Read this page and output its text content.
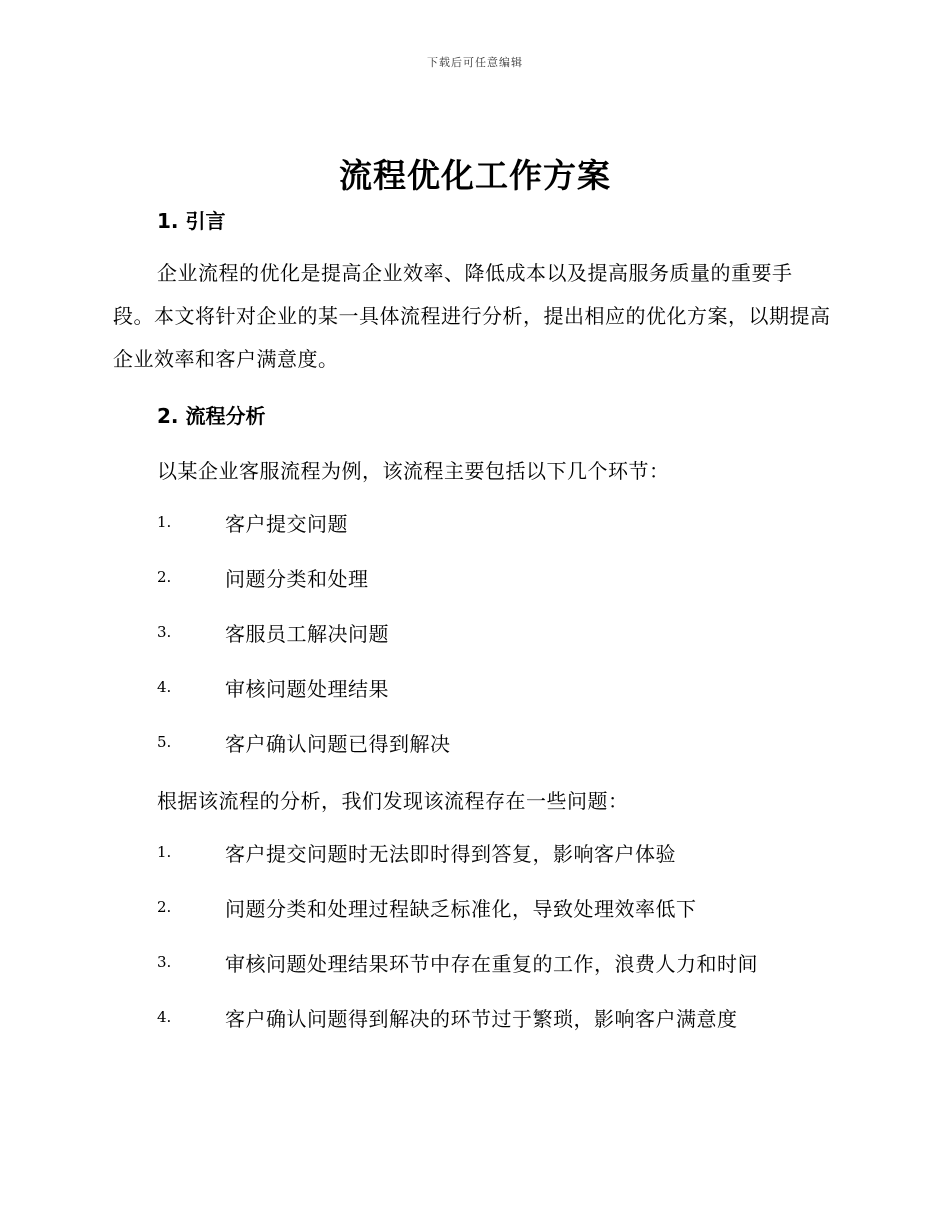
下载后可任意编辑
流程优化工作方案
1. 引言
企业流程的优化是提高企业效率、降低成本以及提高服务质量的重要手段。本文将针对企业的某一具体流程进行分析，提出相应的优化方案，以期提高企业效率和客户满意度。
2. 流程分析
以某企业客服流程为例，该流程主要包括以下几个环节：
1.	客户提交问题
2.	问题分类和处理
3.	客服员工解决问题
4.	审核问题处理结果
5.	客户确认问题已得到解决
根据该流程的分析，我们发现该流程存在一些问题：
1.	客户提交问题时无法即时得到答复，影响客户体验
2.	问题分类和处理过程缺乏标准化，导致处理效率低下
3.	审核问题处理结果环节中存在重复的工作，浪费人力和时间
4.	客户确认问题得到解决的环节过于繁琐，影响客户满意度
